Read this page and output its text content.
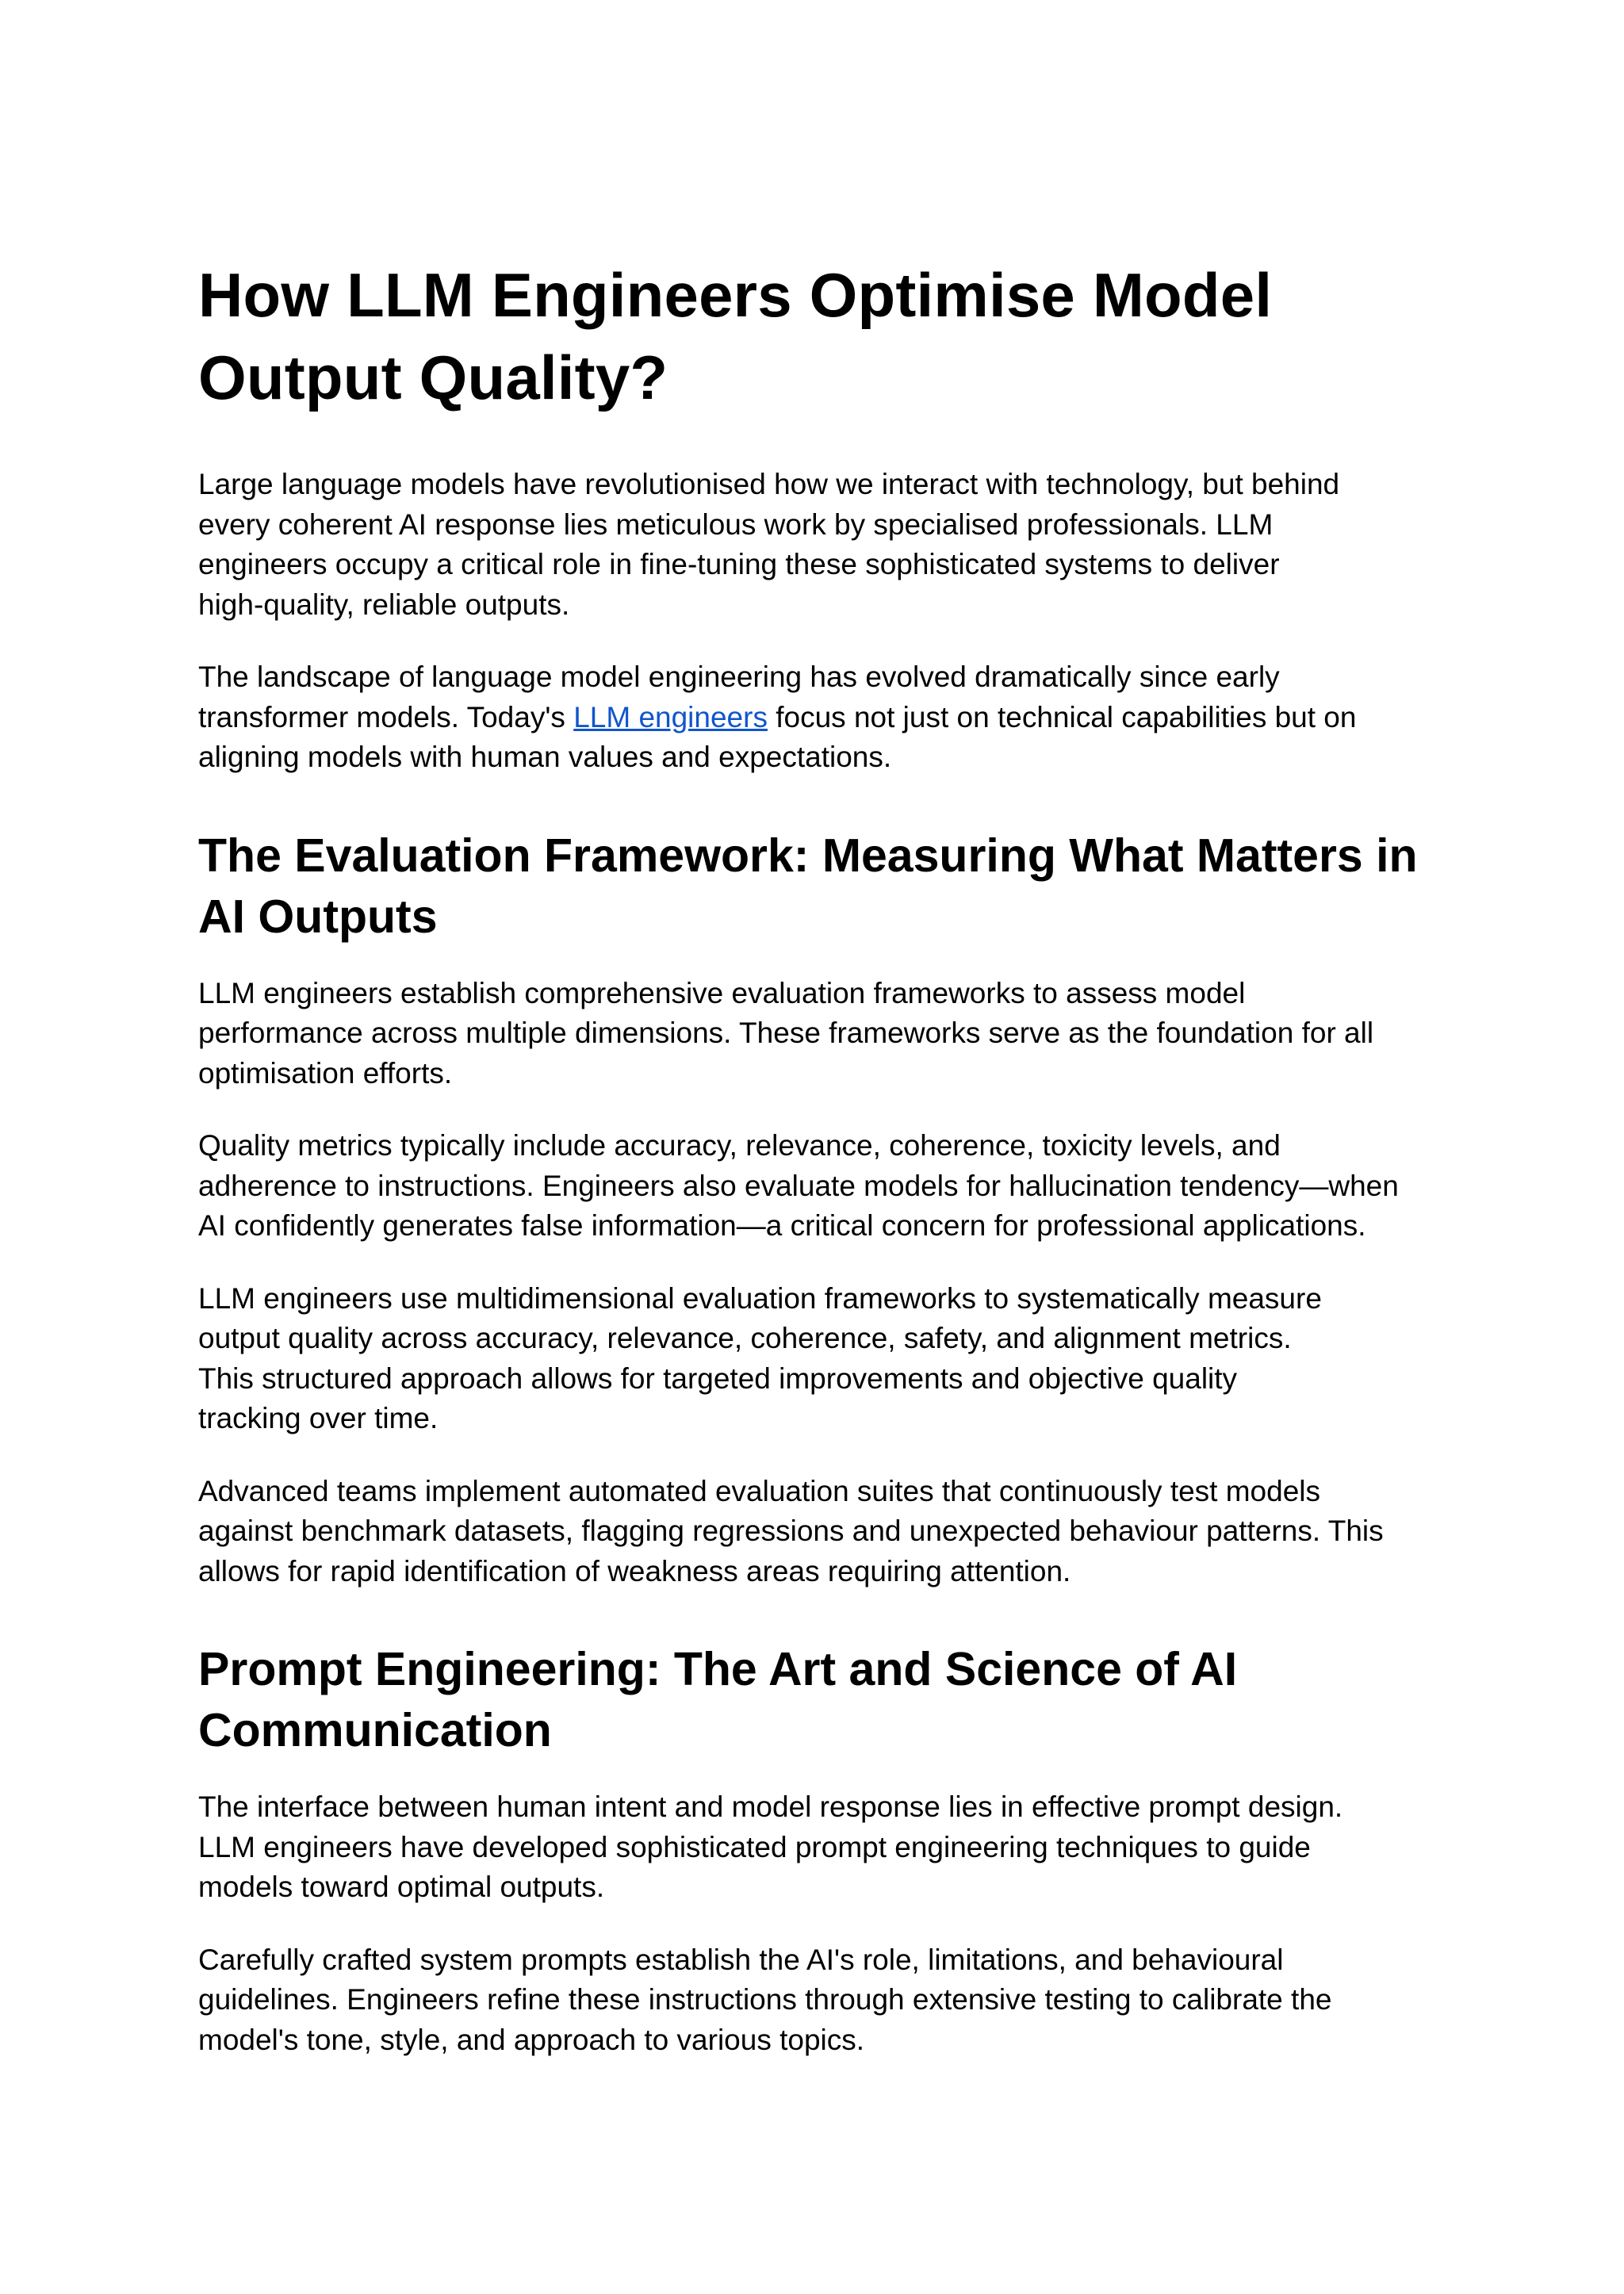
How LLM Engineers Optimise Model
Output Quality?

Large language models have revolutionised how we interact with technology, but behind
every coherent AI response lies meticulous work by specialised professionals. LLM
engineers occupy a critical role in fine-tuning these sophisticated systems to deliver
high-quality, reliable outputs.

The landscape of language model engineering has evolved dramatically since early
transformer models. Today's LLM engineers focus not just on technical capabilities but on
aligning models with human values and expectations.

The Evaluation Framework: Measuring What Matters in
AI Outputs

LLM engineers establish comprehensive evaluation frameworks to assess model
performance across multiple dimensions. These frameworks serve as the foundation for all
optimisation efforts.

Quality metrics typically include accuracy, relevance, coherence, toxicity levels, and
adherence to instructions. Engineers also evaluate models for hallucination tendency—when
AI confidently generates false information—a critical concern for professional applications.

LLM engineers use multidimensional evaluation frameworks to systematically measure
output quality across accuracy, relevance, coherence, safety, and alignment metrics.
This structured approach allows for targeted improvements and objective quality
tracking over time.

Advanced teams implement automated evaluation suites that continuously test models
against benchmark datasets, flagging regressions and unexpected behaviour patterns. This
allows for rapid identification of weakness areas requiring attention.

Prompt Engineering: The Art and Science of AI
Communication

The interface between human intent and model response lies in effective prompt design.
LLM engineers have developed sophisticated prompt engineering techniques to guide
models toward optimal outputs.

Carefully crafted system prompts establish the AI's role, limitations, and behavioural
guidelines. Engineers refine these instructions through extensive testing to calibrate the
model's tone, style, and approach to various topics.
